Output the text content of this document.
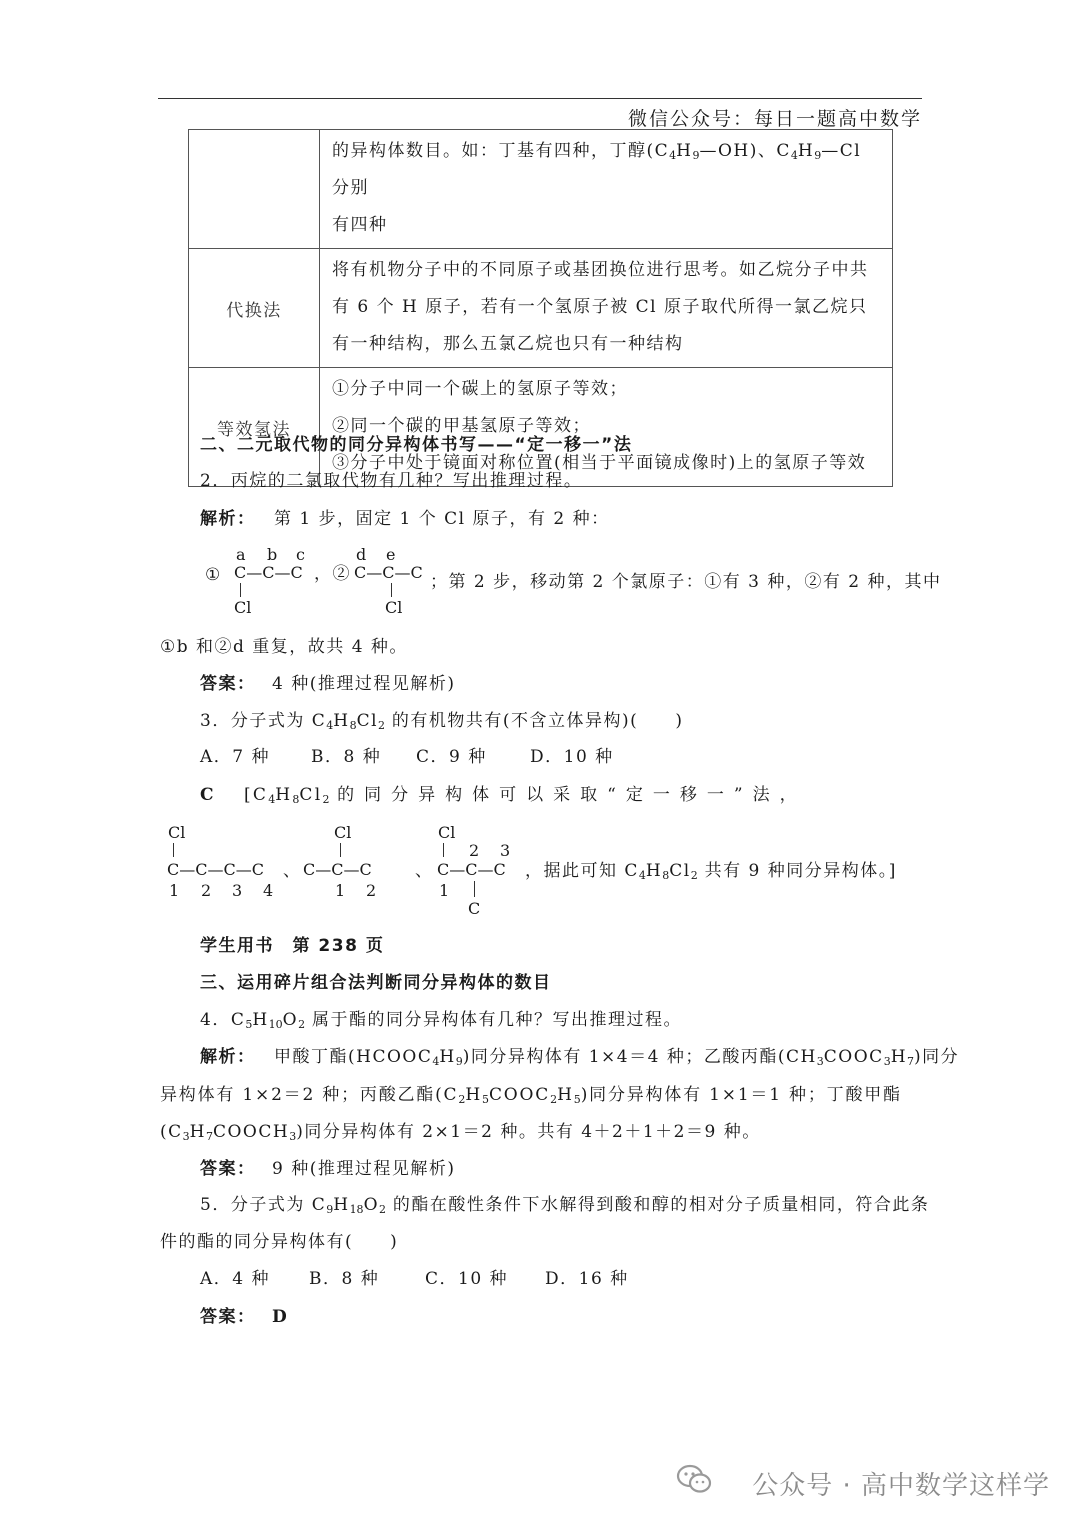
微信公众号：每日一题高中数学
	的异构体数目。如：丁基有四种，丁醇$(C_4H_9—OH)$、$C_4H_9—Cl$ 分别
有四种
代换法	将有机物分子中的不同原子或基团换位进行思考。如乙烷分子中共有 6 个 H 原子，若有一个氢原子被 Cl 原子取代所得一氯乙烷只有一种结构，那么五氯乙烷也只有一种结构
等效氢法	①分子中同一个碳上的氢原子等效；
②同一个碳的甲基氢原子等效；
③分子中处于镜面对称位置(相当于平面镜成像时)上的氢原子等效
二、二元取代物的同分异构体书写——“定一移一”法
2．丙烷的二氯取代物有几种？写出推理过程。
解析： 第 1 步，固定 1 个 Cl 原子，有 2 种：
①
a b c
C—C—C
Cl
，②
d e
C—C—C
Cl
；第 2 步，移动第 2 个氯原子：①有 3 种，②有 2 种，其中
①b 和②d 重复，故共 4 种。
答案： 4 种(推理过程见解析)
3．分子式为 $C_4H_8Cl_2$ 的有机物共有(不含立体异构)(　　)
A．7 种 B．8 种 C．9 种	D．10 种
C [$C_4H_8Cl_2$ 的 同 分 异 构 体 可 以 采 取 “ 定 一 移 一 ” 法 ，
Cl
C—C—C—C
1 2 3 4
、
Cl
C—C—C
1 2
、
Cl
2 3
C—C—C
1
C
，据此可知 $C_4H_8Cl_2$ 共有 9 种同分异构体。]
学生用书　第 238 页
三、运用碎片组合法判断同分异构体的数目
4．$C_5H_{10}O_2$ 属于酯的同分异构体有几种？写出推理过程。
解析： 甲酸丁酯$(HCOOC_4H_9)$同分异构体有 1×4＝4 种；乙酸丙酯$(CH_3COOC_3H_7)$同分
异构体有 1×2＝2 种；丙酸乙酯$(C_2H_5COOC_2H_5)$同分异构体有 1×1＝1 种；丁酸甲酯
$(C_3H_7COOCH_3)$同分异构体有 2×1＝2 种。共有 4＋2＋1＋2＝9 种。
答案： 9 种(推理过程见解析)
5．分子式为 $C_9H_{18}O_2$ 的酯在酸性条件下水解得到酸和醇的相对分子质量相同，符合此条
件的酯的同分异构体有(　　)
A．4 种 B．8 种	C．10 种 D．16 种
答案： D
公众号 · 高中数学这样学
